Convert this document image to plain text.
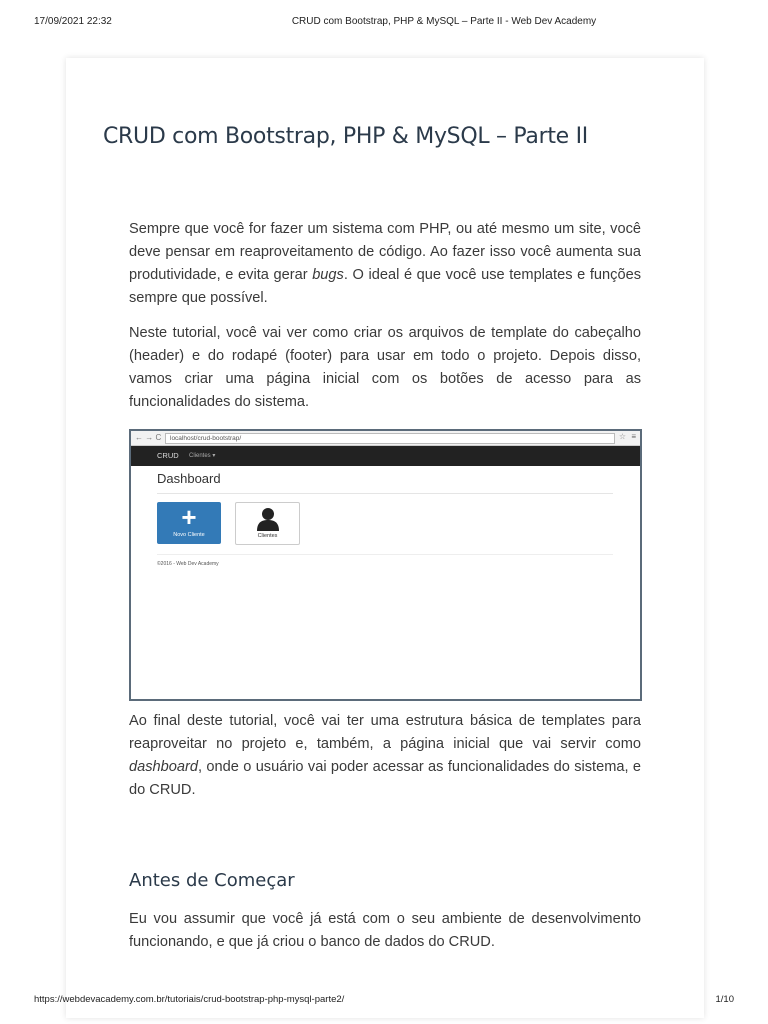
17/09/2021 22:32	CRUD com Bootstrap, PHP & MySQL – Parte II - Web Dev Academy
CRUD com Bootstrap, PHP & MySQL – Parte II

Sempre que você for fazer um sistema com PHP, ou até mesmo um site, você deve pensar em reaproveitamento de código. Ao fazer isso você aumenta sua produtividade, e evita gerar bugs. O ideal é que você use templates e funções sempre que possível.

Neste tutorial, você vai ver como criar os arquivos de template do cabeçalho (header) e do rodapé (footer) para usar em todo o projeto. Depois disso, vamos criar uma página inicial com os botões de acesso para as funcionalidades do sistema.

← → C	localhost/crud-bootstrap/	☆ ≡
CRUD Clientes ▾
Dashboard
+
Novo Cliente	Clientes
©2016 - Web Dev Academy

Ao final deste tutorial, você vai ter uma estrutura básica de templates para reaproveitar no projeto e, também, a página inicial que vai servir como dashboard, onde o usuário vai poder acessar as funcionalidades do sistema, e do CRUD.

Antes de Começar

Eu vou assumir que você já está com o seu ambiente de desenvolvimento funcionando, e que já criou o banco de dados do CRUD.

https://webdevacademy.com.br/tutoriais/crud-bootstrap-php-mysql-parte2/	1/10
